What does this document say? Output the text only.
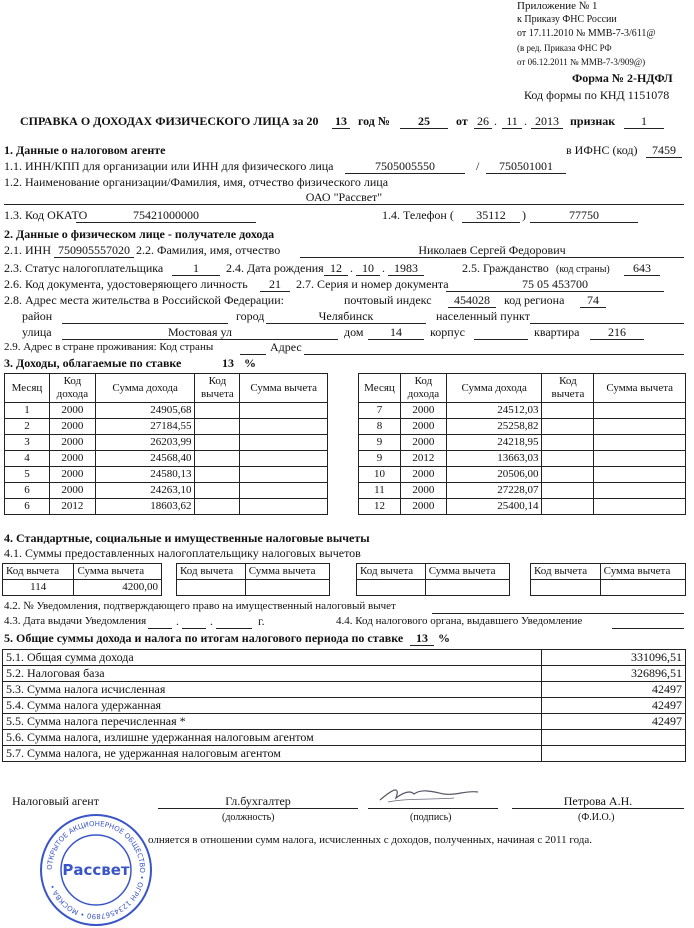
Приложение № 1
к Приказу ФНС России
от 17.11.2010 № ММВ-7-3/611@
(в ред. Приказа ФНС РФ
от 06.12.2011 № ММВ-7-3/909@)
Форма № 2-НДФЛ
Код формы по КНД 1151078
СПРАВКА О ДОХОДАХ ФИЗИЧЕСКОГО ЛИЦА за 20 13 год №	25	от 26 . 11 . 2013 признак	1
1. Данные о налоговом агенте	в ИФНС (код)	7459
1.1. ИНН/КПП для организации или ИНН для физического лица	7505005550	/	750501001
1.2. Наименование организации/Фамилия, имя, отчество физического лица
ОАО "Рассвет"
1.3. Код ОКАТО	75421000000	1.4. Телефон (	35112	)	77750
2. Данные о физическом лице - получателе дохода
2.1. ИНН 750905557020 2.2. Фамилия, имя, отчество	Николаев Сергей Федорович
2.3. Статус налогоплательщика	1	2.4. Дата рождения 12 . 10 . 1983	2.5. Гражданство (код страны)	643
2.6. Код документа, удостоверяющего личность	21	2.7. Серия и номер документа	75 05 453700
2.8. Адрес места жительства в Российской Федерации:	почтовый индекс	454028	код региона	74
район	город	Челябинск	населенный пункт
улица	Мостовая ул	дом	14	корпус	квартира	216
2.9. Адрес в стране проживания: Код страны	Адрес
3. Доходы, облагаемые по ставке	13 %
Месяц	Код дохода	Сумма дохода	Код вычета	Сумма вычета
1	2000	24905,68		
2	2000	27184,55		
3	2000	26203,99		
4	2000	24568,40		
5	2000	24580,13		
6	2000	24263,10		
6	2012	18603,62		
Месяц	Код дохода	Сумма дохода	Код вычета	Сумма вычета
7	2000	24512,03		
8	2000	25258,82		
9	2000	24218,95		
9	2012	13663,03		
10	2000	20506,00		
11	2000	27228,07		
12	2000	25400,14		
4. Стандартные, социальные и имущественные налоговые вычеты
4.1. Суммы предоставленных налогоплательщику налоговых вычетов
Код вычета	Сумма вычета
114	4200,00
Код вычета	Сумма вычета
		Код вычета	Сумма вычета
		Код вычета	Сумма вычета

4.2. № Уведомления, подтверждающего право на имущественный налоговый вычет
4.3. Дата выдачи Уведомления .	.	г.	4.4. Код налогового органа, выдавшего Уведомление
5. Общие суммы дохода и налога по итогам налогового периода по ставке	13 %
5.1. Общая сумма дохода	331096,51
5.2. Налоговая база	326896,51
5.3. Сумма налога исчисленная	42497
5.4. Сумма налога удержанная	42497
5.5. Сумма налога перечисленная *	42497
5.6. Сумма налога, излишне удержанная налоговым агентом	
5.7. Сумма налога, не удержанная налоговым агентом	
Налоговый агент	Гл.бухгалтер
(должность)	(подпись)
Петрова А.Н.
(Ф.И.О.)
олняется в отношении сумм налога, исчисленных с доходов, полученных, начиная с 2011 года.
ОТКРЫТОЕ АКЦИОНЕРНОЕ ОБЩЕСТВО • ОГРН 1234567890 • МОСКВА •
Рассвет
